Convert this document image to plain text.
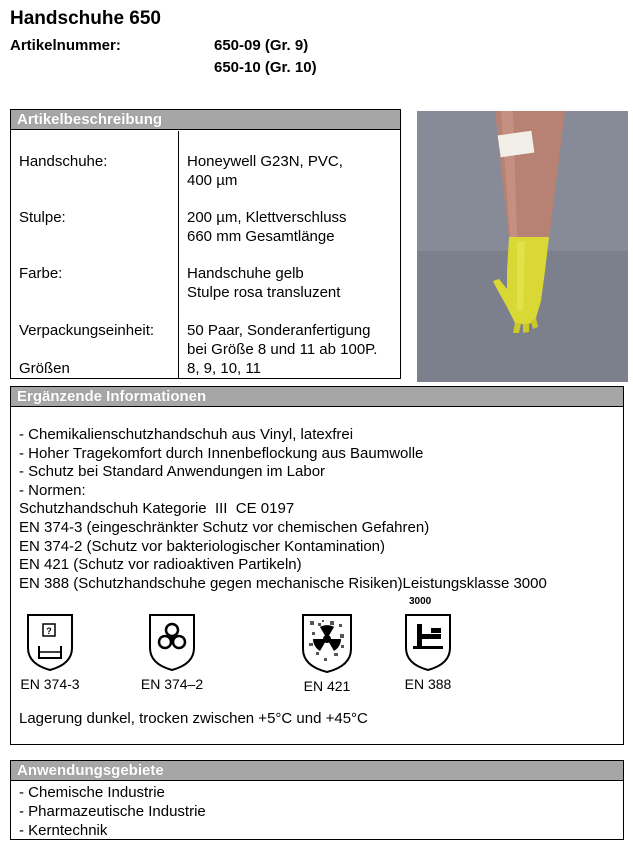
Handschuhe 650
Artikelnummer:	650-09 (Gr. 9)
650-10 (Gr. 10)
Artikelbeschreibung
Handschuhe:	Honeywell G23N, PVC,
400 µm
Stulpe:	200 µm, Klettverschluss
660 mm Gesamtlänge
Farbe:	Handschuhe gelb
Stulpe rosa transluzent
Verpackungseinheit: 50 Paar, Sonderanfertigung
bei Größe 8 und 11 ab 100P.
Größen	8, 9, 10, 11
Ergänzende Informationen
- Chemikalienschutzhandschuh aus Vinyl, latexfrei
- Hoher Tragekomfort durch Innenbeflockung aus Baumwolle
- Schutz bei Standard Anwendungen im Labor
- Normen:
Schutzhandschuh Kategorie  III  CE 0197
EN 374-3 (eingeschränkter Schutz vor chemischen Gefahren)
EN 374-2 (Schutz vor bakteriologischer Kontamination)
EN 421 (Schutz vor radioaktiven Partikeln)
EN 388 (Schutzhandschuhe gegen mechanische Risiken)Leistungsklasse 3000
?
EN 374-3	EN 374–2	EN 421
3000
EN 388
Lagerung dunkel, trocken zwischen +5°C und +45°C
Anwendungsgebiete
- Chemische Industrie
- Pharmazeutische Industrie
- Kerntechnik
